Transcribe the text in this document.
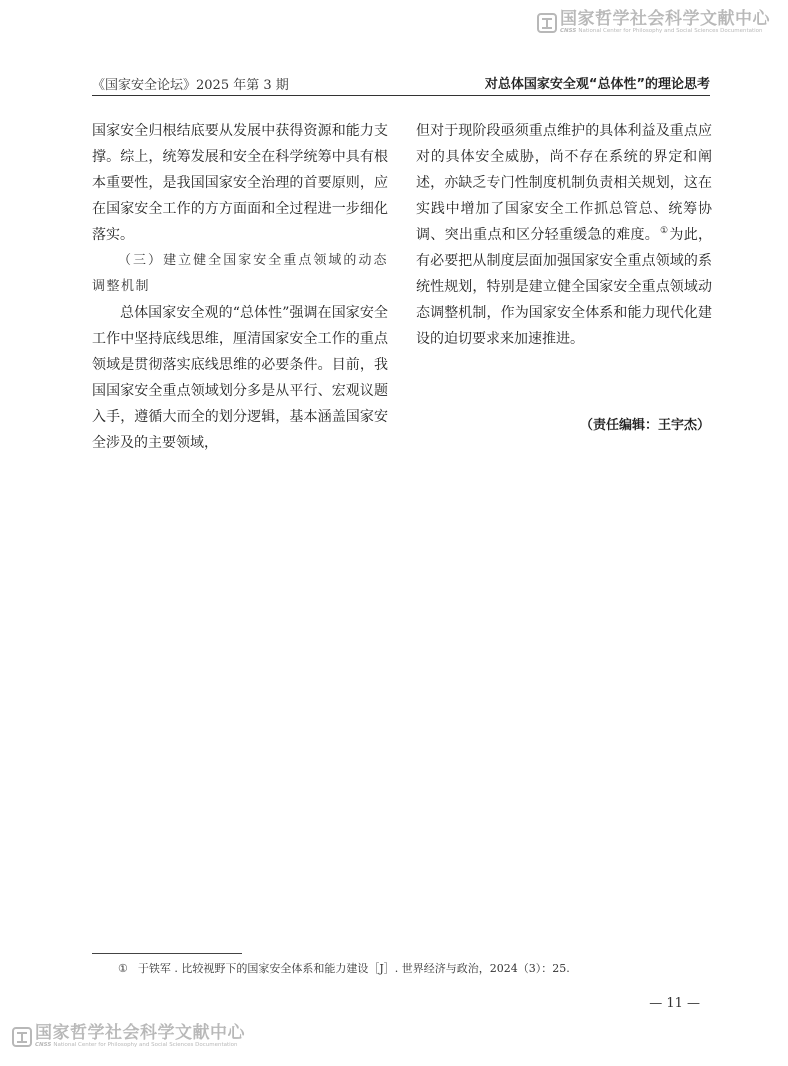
国家哲学社会科学文献中心
CNSS National Center for Philosophy and Social Sciences Documentation
《国家安全论坛》2025 年第 3 期	对总体国家安全观“总体性”的理论思考

国家安全归根结底要从发展中获得资源和能力支撑。综上，统筹发展和安全在科学统筹中具有根本重要性，是我国国家安全治理的首要原则，应在国家安全工作的方方面面和全过程进一步细化落实。

（三）建立健全国家安全重点领域的动态调整机制

总体国家安全观的“总体性”强调在国家安全工作中坚持底线思维，厘清国家安全工作的重点领域是贯彻落实底线思维的必要条件。目前，我国国家安全重点领域划分多是从平行、宏观议题入手，遵循大而全的划分逻辑，基本涵盖国家安全涉及的主要领域，

但对于现阶段亟须重点维护的具体利益及重点应对的具体安全威胁，尚不存在系统的界定和阐述，亦缺乏专门性制度机制负责相关规划，这在实践中增加了国家安全工作抓总管总、统筹协调、突出重点和区分轻重缓急的难度。①为此，有必要把从制度层面加强国家安全重点领域的系统性规划，特别是建立健全国家安全重点领域动态调整机制，作为国家安全体系和能力现代化建设的迫切要求来加速推进。

（责任编辑：王宇杰）
① 于铁军 . 比较视野下的国家安全体系和能力建设［J］. 世界经济与政治，2024（3）：25.
— 11 —
国家哲学社会科学文献中心
CNSS National Center for Philosophy and Social Sciences Documentation
